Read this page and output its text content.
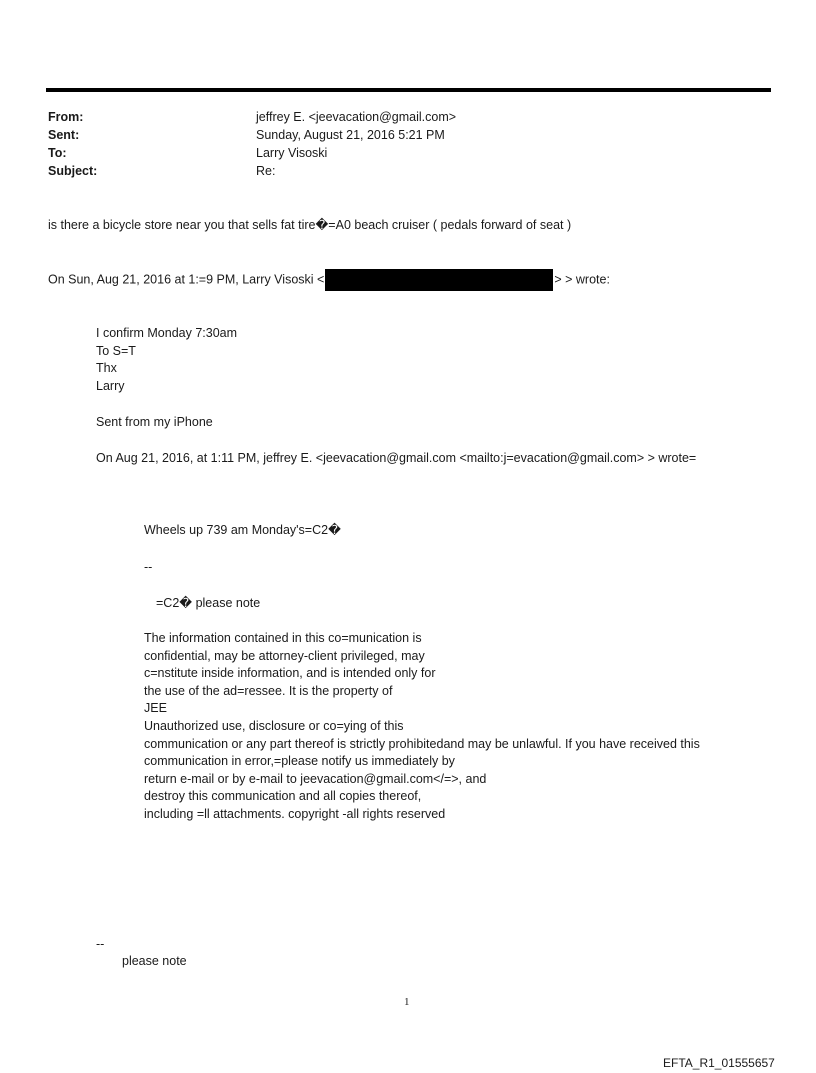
From:	jeffrey E. <jeevacation@gmail.com>
Sent:	Sunday, August 21, 2016 5:21 PM
To:	Larry Visoski
Subject:	Re:
is there a bicycle store near you that sells fat tire�=A0 beach cruiser ( pedals forward of seat )
On Sun, Aug 21, 2016 at 1:=9 PM, Larry Visoski <	> > wrote:
I confirm Monday 7:30am
To S=T
Thx
Larry
Sent from my iPhone
On Aug 21, 2016, at 1:11 PM, jeffrey E. <jeevacation@gmail.com <mailto:j=evacation@gmail.com> > wrote=
Wheels up 739 am Monday's=C2�
--
=C2� please note
The information contained in this co=munication is
confidential, may be attorney-client privileged, may
c=nstitute inside information, and is intended only for
the use of the ad=ressee. It is the property of
JEE
Unauthorized use, disclosure or co=ying of this
communication or any part thereof is strictly prohibitedand may be unlawful. If you have received this
communication in error,=please notify us immediately by
return e-mail or by e-mail to jeevacation@gmail.com</=>, and
destroy this communication and all copies thereof,
including =ll attachments. copyright -all rights reserved
--
please note
1
EFTA_R1_01555657
